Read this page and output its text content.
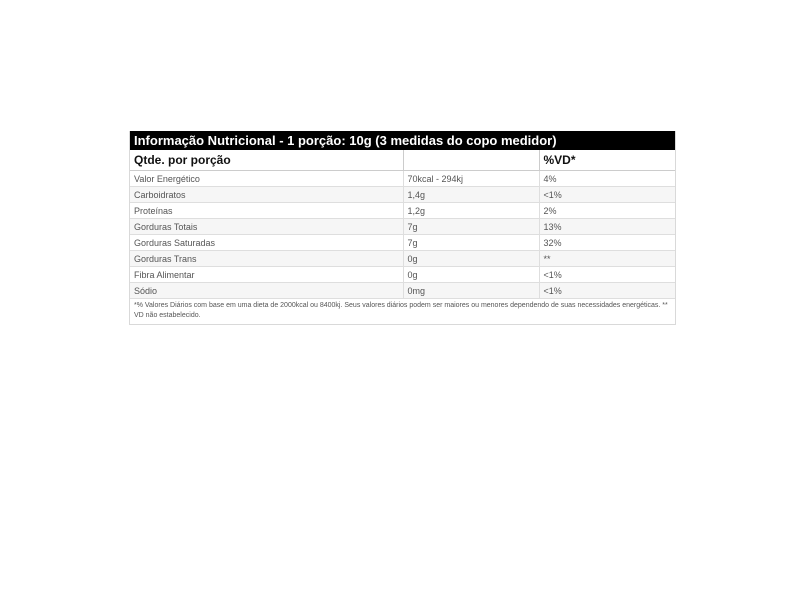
Informação Nutricional - 1 porção: 10g (3 medidas do copo medidor)
Qtde. por porção		%VD*
Valor Energético	70kcal - 294kj	4%
Carboidratos	1,4g	<1%
Proteínas	1,2g	2%
Gorduras Totais	7g	13%
Gorduras Saturadas	7g	32%
Gorduras Trans	0g	**
Fibra Alimentar	0g	<1%
Sódio	0mg	<1%
*% Valores Diários com base em uma dieta de 2000kcal ou 8400kj. Seus valores diários podem ser maiores ou menores dependendo de suas necessidades energéticas. ** VD não estabelecido.
